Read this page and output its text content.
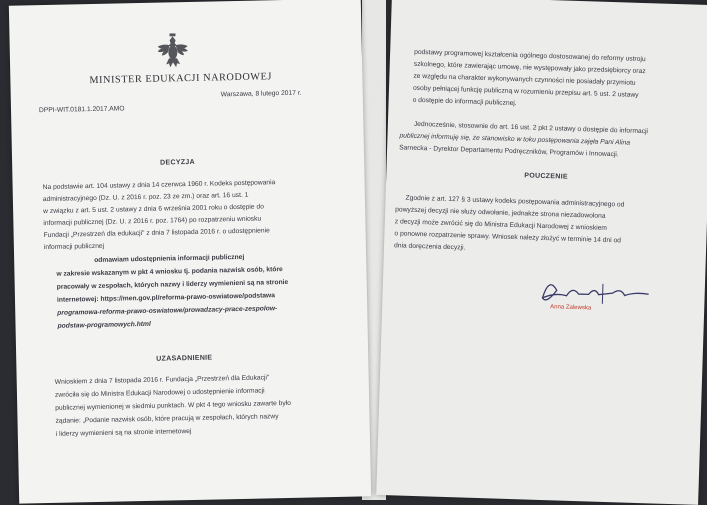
MINISTER EDUKACJI NARODOWEJ
Warszawa, 8 lutego 2017 r.
DPPI-WIT.0181.1.2017.AMO
DECYZJA
Na podstawie art. 104 ustawy z dnia 14 czerwca 1960 r. Kodeks postępowania
administracyjnego (Dz. U. z 2016 r. poz. 23 ze zm.) oraz art. 16 ust. 1
w związku z art. 5 ust. 2 ustawy z dnia 6 września 2001 roku o dostępie do
informacji publicznej (Dz. U. z 2016 r. poz. 1764) po rozpatrzeniu wniosku
Fundacji „Przestrzeń dla edukacji" z dnia 7 listopada 2016 r. o udostępnienie
informacji publicznej
odmawiam udostępnienia informacji publicznej
w zakresie wskazanym w pkt 4 wniosku tj. podania nazwisk osób, które
pracowały w zespołach, których nazwy i liderzy wymienieni są na stronie
internetowej: https://men.gov.pl/reforma-prawo-oswiatowe/podstawa
programowa-reforma-prawo-oswiatowe/prowadzacy-prace-zespolow-
podstaw-programowych.html
UZASADNIENIE
Wnioskiem z dnia 7 listopada 2016 r. Fundacja „Przestrzeń dla Edukacji"
zwróciła się do Ministra Edukacji Narodowej o udostępnienie informacji
publicznej wymienionej w siedmiu punktach. W pkt 4 tego wniosku zawarte było
żądanie: „Podanie nazwisk osób, które pracują w zespołach, których nazwy
i liderzy wymienieni są na stronie internetowej
podstawy programowej kształcenia ogólnego dostosowanej do reformy ustroju
szkolnego, które zawierając umowę, nie występowały jako przedsiębiorcy oraz
ze względu na charakter wykonywanych czynności nie posiadały przymiotu
osoby pełniącej funkcję publiczną w rozumieniu przepisu art. 5 ust. 2 ustawy
o dostępie do informacji publicznej.
Jednocześnie, stosownie do art. 16 ust. 2 pkt 2 ustawy o dostępie do informacji
publicznej informuję się, że stanowisko w toku postępowania zajęła Pani Alina
Sarnecka - Dyrektor Departamentu Podręczników, Programów i Innowacji.
POUCZENIE
Zgodnie z art. 127 § 3 ustawy kodeks postępowania administracyjnego od
powyższej decyzji nie służy odwołanie, jednakże strona niezadowolona
z decyzji może zwrócić się do Ministra Edukacji Narodowej z wnioskiem
o ponowne rozpatrzenie sprawy. Wniosek należy złożyć w terminie 14 dni od
dnia doręczenia decyzji.
Anna Zalewska
